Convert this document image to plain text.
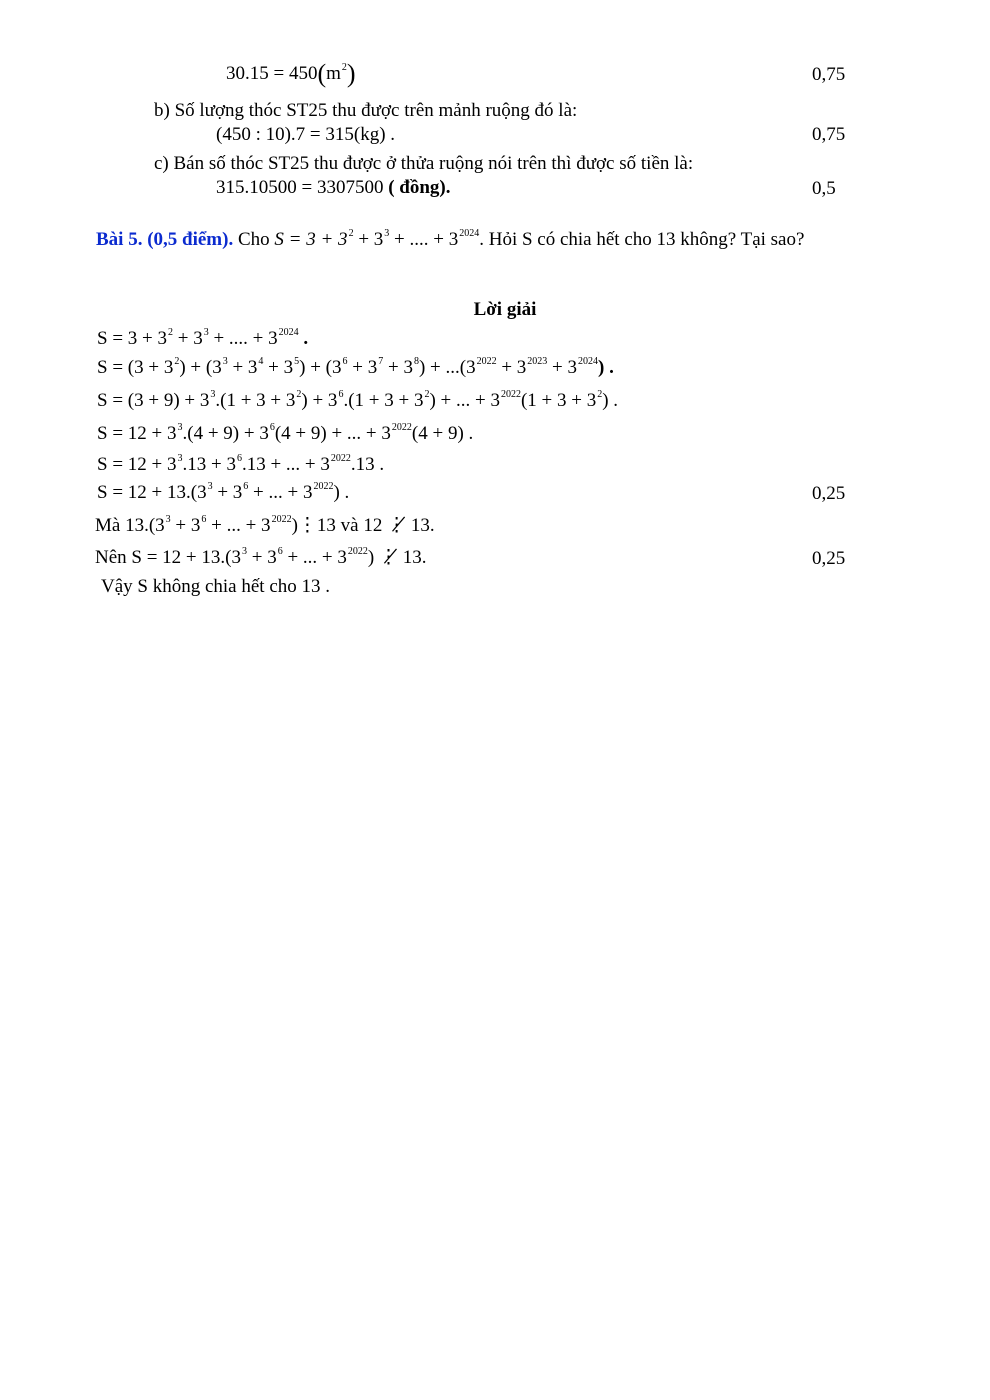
$30.15 = 450(m^2)$	0,75
b) Số lượng thóc ST25 thu được trên mảnh ruộng đó là:
(450 : 10).7 = 315(kg) .	0,75
c) Bán số thóc ST25 thu được ở thửa ruộng nói trên thì được số tiền là:
315.10500 = 3307500 ( đồng).	0,5
Bài 5. (0,5 điểm). Cho $S = 3 + 3^2 + 3^3$ + .... + $3^{2024}$. Hỏi S có chia hết cho 13 không? Tại sao?
Lời giải
$S = 3 + 3^2 + 3^3$ + .... + $3^{2024}$ .
$S = (3 + 3^2) + (3^3 + 3^4 + 3^5) + (3^6 + 3^7 + 3^8) + ...(3^{2022} + 3^{2023} + 3^{2024})$ .
$S = (3 + 9) + 3^3.(1 + 3 + 3^2) + 3^6.(1 + 3 + 3^2)$ + ... + $3^{2022}(1 + 3 + 3^2)$ .
$S = 12 + 3^3.(4 + 9) + 3^6(4 + 9)$ + ... + $3^{2022}(4 + 9)$ .
$S = 12 + 3^3.13 + 3^6.13$ + ... + $3^{2022}.13$ .
$S = 12 + 13.(3^3 + 3^6$ + ... + $3^{2022}$) .	0,25
Mà $13.(3^3 + 3^6$ + ... + $3^{2022})⋮13$ và 12 ⋮̸ 13.
Nên $S = 12 + 13.(3^3 + 3^6$ + ... + $3^{2022}$) ⋮̸ 13.	0,25
Vậy S không chia hết cho 13 .
